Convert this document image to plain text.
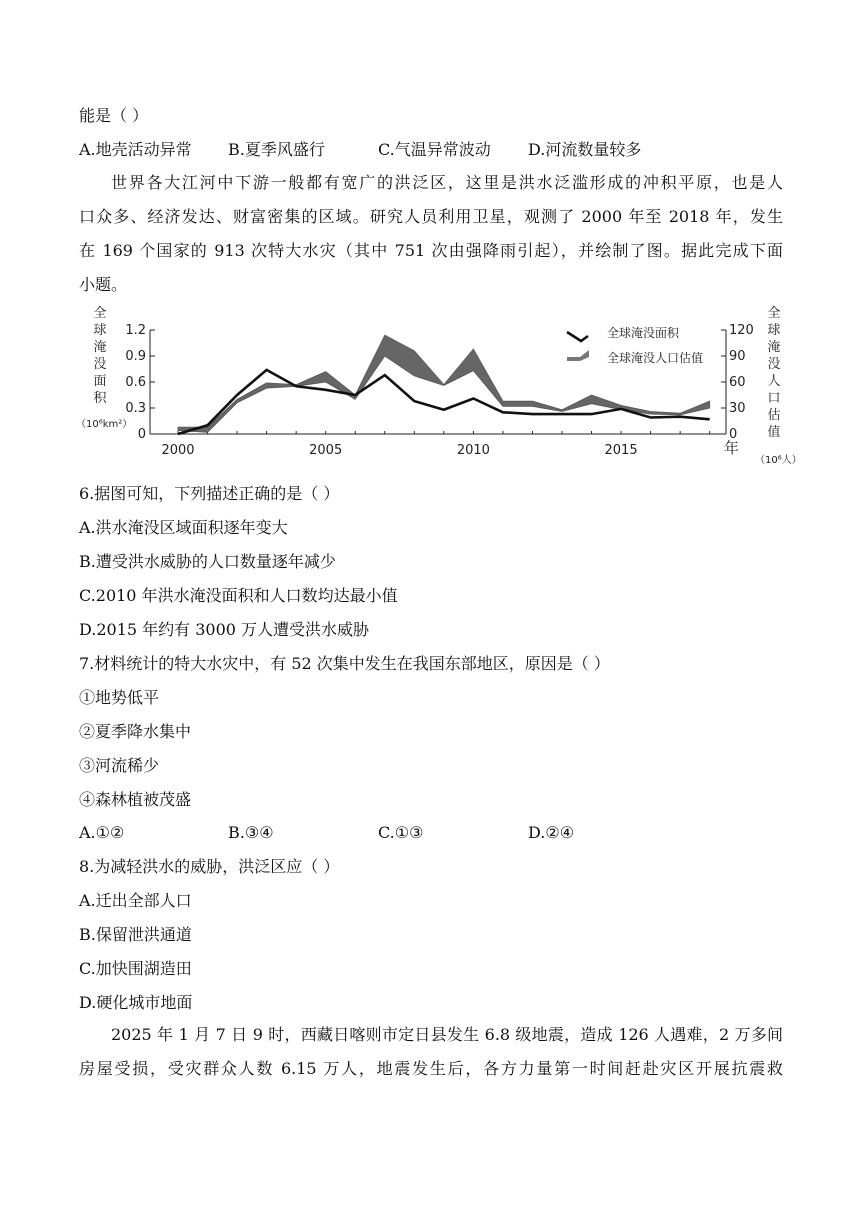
能是（ ）
A.地壳活动异常 B.夏季风盛行	C.气温异常波动 D.河流数量较多

世界各大江河中下游一般都有宽广的洪泛区，这里是洪水泛滥形成的冲积平原，也是人

口众多、经济发达、财富密集的区域。研究人员利用卫星，观测了 2000 年至 2018 年，发生

在 169 个国家的 913 次特大水灾（其中 751 次由强降雨引起），并绘制了图。据此完成下面

小题。

全
球
淹
没
面
积
（10⁶km²）
0
0.3
0.6
0.9
1.2
0
30
60
90
120
全
球
淹
没
人
口
估
值
（10⁶人）
2000	2005	2010	2015	年
全球淹没面积
全球淹没人口估值
6.据图可知，下列描述正确的是（ ）
A.洪水淹没区域面积逐年变大
B.遭受洪水威胁的人口数量逐年减少
C.2010 年洪水淹没面积和人口数均达最小值
D.2015 年约有 3000 万人遭受洪水威胁
7.材料统计的特大水灾中，有 52 次集中发生在我国东部地区，原因是（ ）
①地势低平
②夏季降水集中
③河流稀少
④森林植被茂盛
A.①②	B.③④	C.①③	D.②④
8.为减轻洪水的威胁，洪泛区应（ ）
A.迁出全部人口
B.保留泄洪通道
C.加快围湖造田
D.硬化城市地面

2025 年 1 月 7 日 9 时，西藏日喀则市定日县发生 6.8 级地震，造成 126 人遇难，2 万多间

房屋受损，受灾群众人数 6.15 万人，地震发生后，各方力量第一时间赶赴灾区开展抗震救
